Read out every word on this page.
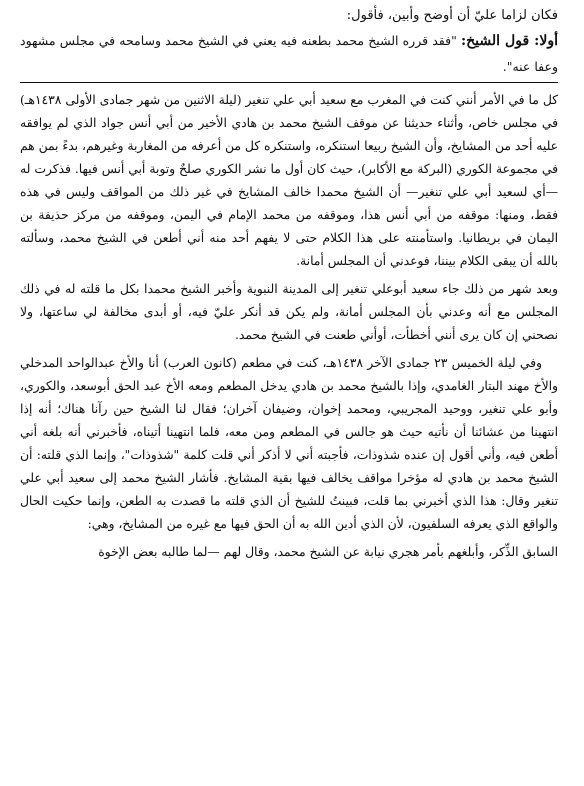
فكان لزاما عليّ أن أوضح وأبين، فأقول:

أولا: قول الشيخ: "فقد قرره الشيخ محمد بطعنه فيه يعني في الشيخ محمد وسامحه في مجلس مشهود وعفا عنه".

كل ما في الأمر أنني كنت في المغرب مع سعيد أبي علي تنغير (ليلة الاثنين من شهر جمادى الأولى ١٤٣٨هـ) في مجلس خاص، وأثناء حديثنا عن موقف الشيخ محمد بن هادي الأخير من أبي أنس جواد الذي لم يوافقه عليه أحد من المشايخ، وأن الشيخ ربيعا استنكره، واستنكره كل من أعرفه من المغاربة وغيرهم، بدءً بمن هم في مجموعة الكوري (البركة مع الأكابر)، حيث كان أول ما نشر الكوري صلحٌ وتوبة أبي أنس فيها. فذكرت له —أي لسعيد أبي علي تنغير— أن الشيخ محمدا خالف المشايخ في غير ذلك من المواقف وليس في هذه فقط، ومنها: موقفه من أبي أنس هذا، وموقفه من محمد الإمام في اليمن، وموقفه من مركز حذيفة بن اليمان في بريطانيا. واستأمنته على هذا الكلام حتى لا يفهم أحد منه أني أطعن في الشيخ محمد، وسألته بالله أن يبقى الكلام بيننا، فوعدني أن المجلس أمانة.

وبعد شهر من ذلك جاء سعيد أبوعلي تنغير إلى المدينة النبوية وأخبر الشيخ محمدا بكل ما قلته له في ذلك المجلس مع أنه وعدني بأن المجلس أمانة، ولم يكن قد أنكر عليّ فيه، أو أبدى مخالفة لي ساعتها، ولا نصحني إن كان يرى أنني أخطأت، أوأني طعنت في الشيخ محمد.

وفي ليلة الخميس ٢٣ جمادى الآخر ١٤٣٨هـ، كنت في مطعم (كانون العرب) أنا والأخ عبدالواحد المدخلي والأخ مهند البتار الغامدي، وإذا بالشيخ محمد بن هادي يدخل المطعم ومعه الأخ عبد الحق أبوسعد، والكوري، وأبو علي تنغير، ووحيد المجريبي، ومحمد إخوان، وضيفان آخران؛ فقال لنا الشيخ حين رآنا هناك؛ أنه إذا انتهينا من عشائنا أن نأتيه حيث هو جالس في المطعم ومن معه، فلما انتهينا أتيناه، فأخبرني أنه بلغه أني أطعن فيه، وأني أقول إن عنده شذوذات، فأجبته أني لا أذكر أني قلت كلمة "شذوذات"، وإنما الذي قلته: أن الشيخ محمد بن هادي له مؤخرا مواقف يخالف فيها بقية المشايخ. فأشار الشيخ محمد إلى سعيد أبي علي تنغير وقال: هذا الذي أخبرني بما قلت، فبينتُ للشيخ أن الذي قلته ما قصدت به الطعن، وإنما حكيت الحال والواقع الذي يعرفه السلفيون، لأن الذي أدين الله به أن الحق فيها مع غيره من المشايخ، وهي:

السابق الذِّكر، وأبلغهم بأمر هجري نيابة عن الشيخ محمد، وقال لهم —لما طالبه بعض الإخوة
